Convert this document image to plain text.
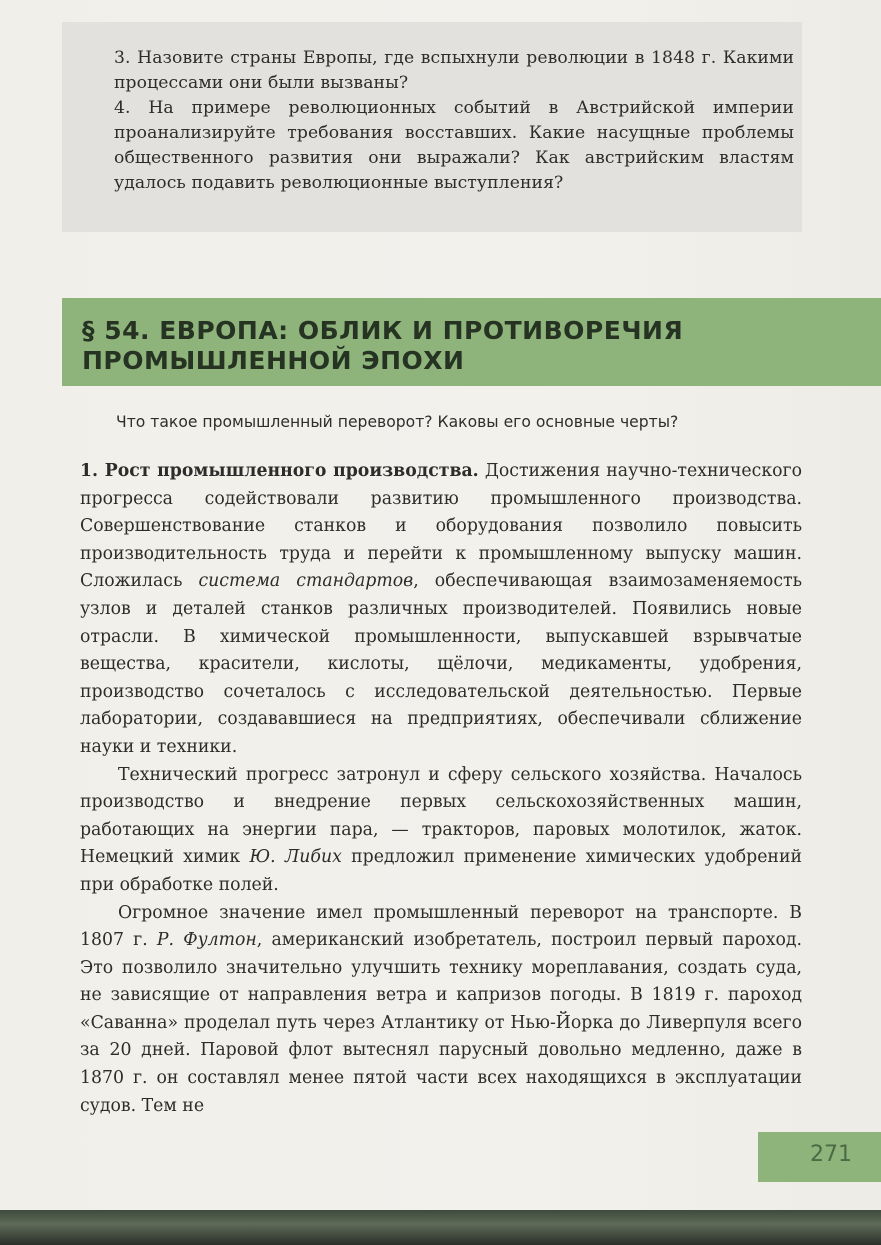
3. Назовите страны Европы, где вспыхнули революции в 1848 г. Какими процессами они были вызваны?
4. На примере революционных событий в Австрийской империи проанализируйте требования восставших. Какие насущные проблемы общественного развития они выражали? Как австрийским властям удалось подавить революционные выступления?
§ 54. ЕВРОПА: ОБЛИК И ПРОТИВОРЕЧИЯ ПРОМЫШЛЕННОЙ ЭПОХИ
Что такое промышленный переворот? Каковы его основные черты?

1. Рост промышленного производства. Достижения научно-технического прогресса содействовали развитию промышленного производства. Совершенствование станков и оборудования позволило повысить производительность труда и перейти к промышленному выпуску машин. Сложилась система стандартов, обеспечивающая взаимозаменяемость узлов и деталей станков различных производителей. Появились новые отрасли. В химической промышленности, выпускавшей взрывчатые вещества, красители, кислоты, щёлочи, медикаменты, удобрения, производство сочеталось с исследовательской деятельностью. Первые лаборатории, создававшиеся на предприятиях, обеспечивали сближение науки и техники.

Технический прогресс затронул и сферу сельского хозяйства. Началось производство и внедрение первых сельскохозяйственных машин, работающих на энергии пара, — тракторов, паровых молотилок, жаток. Немецкий химик Ю. Либих предложил применение химических удобрений при обработке полей.

Огромное значение имел промышленный переворот на транспорте. В 1807 г. Р. Фултон, американский изобретатель, построил первый пароход. Это позволило значительно улучшить технику мореплавания, создать суда, не зависящие от направления ветра и капризов погоды. В 1819 г. пароход «Саванна» проделал путь через Атлантику от Нью-Йорка до Ливерпуля всего за 20 дней. Паровой флот вытеснял парусный довольно медленно, даже в 1870 г. он составлял менее пятой части всех находящихся в эксплуатации судов. Тем не

271
